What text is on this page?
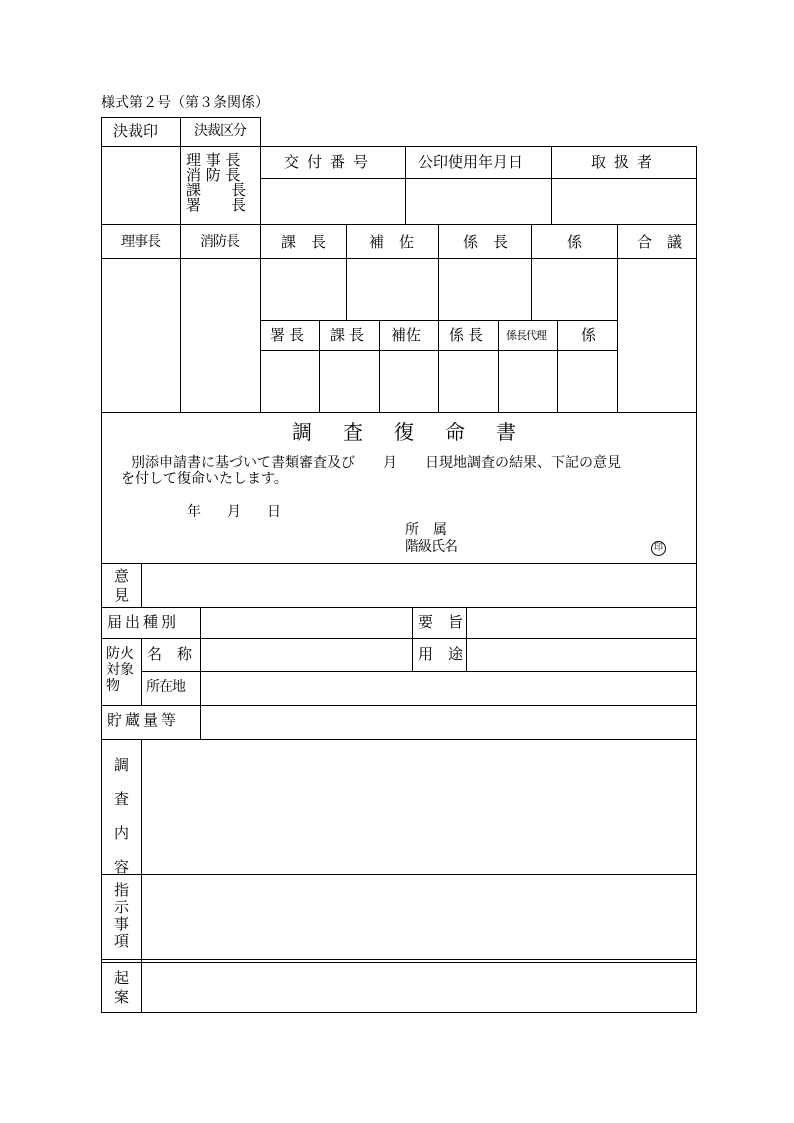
様式第２号（第３条関係）
決裁印	決裁区分
理 事 長
消 防 長
課　　長
署　　長
交付番号	公印使用年月日	取扱者
理事長	消防長	課　長	補　佐	係　長	係	合　議
署長 課長 補佐 係長 係長代理 係
調査復命書
別添申請書に基づいて書類審査及び　　月　　日現地調査の結果、下記の意見
を付して復命いたします。
年　月　日
所　属
階級氏名	印
意見
届出種別	要　旨
防火対象物
名　称	用　途
所在地
貯蔵量等
調査内容
指示事項
起案
